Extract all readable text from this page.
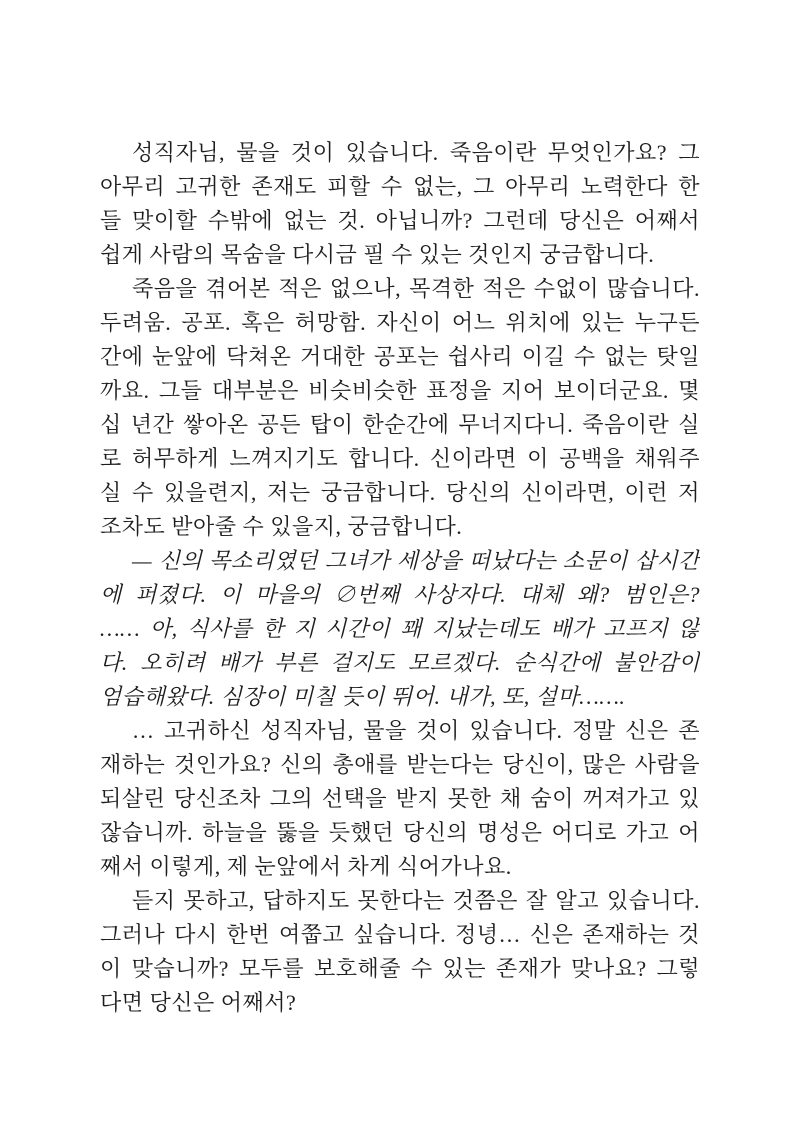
성직자님, 물을 것이 있습니다. 죽음이란 무엇인가요? 그
아무리 고귀한 존재도 피할 수 없는, 그 아무리 노력한다 한
들 맞이할 수밖에 없는 것. 아닙니까? 그런데 당신은 어째서
쉽게 사람의 목숨을 다시금 필 수 있는 것인지 궁금합니다.
죽음을 겪어본 적은 없으나, 목격한 적은 수없이 많습니다.
두려움. 공포. 혹은 허망함. 자신이 어느 위치에 있는 누구든
간에 눈앞에 닥쳐온 거대한 공포는 쉽사리 이길 수 없는 탓일
까요. 그들 대부분은 비슷비슷한 표정을 지어 보이더군요. 몇
십 년간 쌓아온 공든 탑이 한순간에 무너지다니. 죽음이란 실
로 허무하게 느껴지기도 합니다. 신이라면 이 공백을 채워주
실 수 있을련지, 저는 궁금합니다. 당신의 신이라면, 이런 저
조차도 받아줄 수 있을지, 궁금합니다.
— 신의 목소리였던 그녀가 세상을 떠났다는 소문이 삽시간
에 퍼졌다. 이 마을의 ∅번째 사상자다. 대체 왜? 범인은?
…… 아, 식사를 한 지 시간이 꽤 지났는데도 배가 고프지 않
다. 오히려 배가 부른 걸지도 모르겠다. 순식간에 불안감이
엄습해왔다. 심장이 미칠 듯이 뛰어. 내가, 또, 설마…….
… 고귀하신 성직자님, 물을 것이 있습니다. 정말 신은 존
재하는 것인가요? 신의 총애를 받는다는 당신이, 많은 사람을
되살린 당신조차 그의 선택을 받지 못한 채 숨이 꺼져가고 있
잖습니까. 하늘을 뚫을 듯했던 당신의 명성은 어디로 가고 어
째서 이렇게, 제 눈앞에서 차게 식어가나요.
듣지 못하고, 답하지도 못한다는 것쯤은 잘 알고 있습니다.
그러나 다시 한번 여쭙고 싶습니다. 정녕… 신은 존재하는 것
이 맞습니까? 모두를 보호해줄 수 있는 존재가 맞나요? 그렇
다면 당신은 어째서?
